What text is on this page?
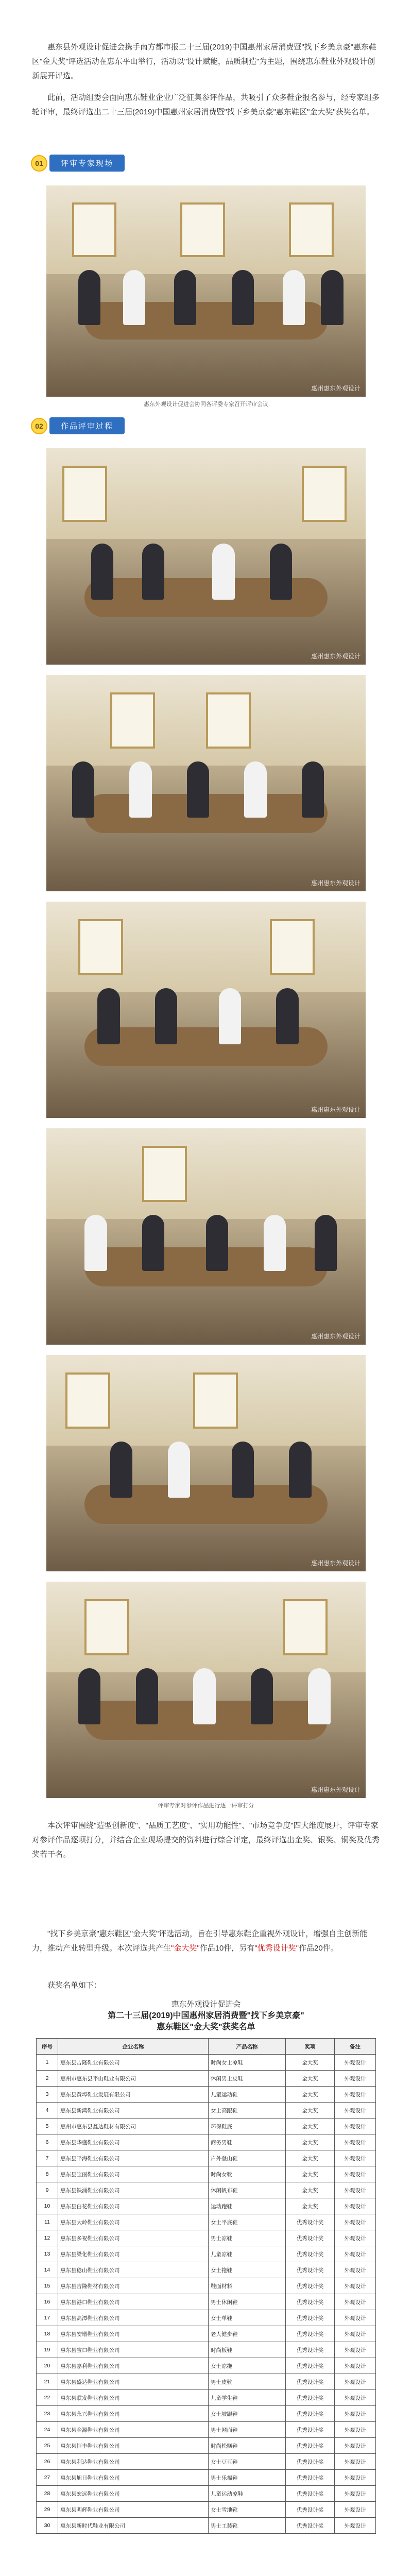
惠东县外观设计促进会携手南方都市报二十三届(2019)中国惠州家居消费暨"找下乡美京豪"惠东鞋区"金大奖"评选活动在惠东平山举行，活动以"设计赋能，品质制造"为主题，围绕惠东鞋业外观设计创新展开评选。

此前，活动组委会面向惠东鞋业企业广泛征集参评作品，共吸引了众多鞋企报名参与，经专家组多轮评审，最终评选出二十三届(2019)中国惠州家居消费暨"找下乡美京豪"惠东鞋区"金大奖"获奖名单。

01	评审专家现场
惠州惠东外观设计
惠东外观设计促进会协同各评委专家召开评审会议
02	作品评审过程
惠州惠东外观设计
惠州惠东外观设计
惠州惠东外观设计
惠州惠东外观设计
惠州惠东外观设计
惠州惠东外观设计
评审专家对参评作品进行逐一评审打分

本次评审围绕"造型创新度"、"品质工艺度"、"实用功能性"、"市场竞争度"四大维度展开，评审专家对参评作品逐项打分，并结合企业现场提交的资料进行综合评定，最终评选出金奖、银奖、铜奖及优秀奖若干名。

"找下乡美京豪"惠东鞋区"金大奖"评选活动，旨在引导惠东鞋企重视外观设计，增强自主创新能力，推动产业转型升级。本次评选共产生"金大奖"作品10件，另有"优秀设计奖"作品20件。

获奖名单如下：

惠东外观设计促进会
第二十三届(2019)中国惠州家居消费暨"找下乡美京豪"
惠东鞋区"金大奖"获奖名单
序号	企业名称	产品名称	奖项	备注
1	惠东县吉隆鞋业有限公司	时尚女士凉鞋	金大奖	外观设计
2	惠州市惠东县平山鞋业有限公司	休闲男士皮鞋	金大奖	外观设计
3	惠东县黄埠鞋业发展有限公司	儿童运动鞋	金大奖	外观设计
4	惠东县新鸿鞋业有限公司	女士高跟鞋	金大奖	外观设计
5	惠州市惠东县鑫达鞋材有限公司	环保鞋底	金大奖	外观设计
6	惠东县华盛鞋业有限公司	商务男鞋	金大奖	外观设计
7	惠东县平海鞋业有限公司	户外登山鞋	金大奖	外观设计
8	惠东县宝丽鞋业有限公司	时尚女靴	金大奖	外观设计
9	惠东县铁涌鞋业有限公司	休闲帆布鞋	金大奖	外观设计
10	惠东县白花鞋业有限公司	运动跑鞋	金大奖	外观设计
11	惠东县大岭鞋业有限公司	女士平底鞋	优秀设计奖	外观设计
12	惠东县多祝鞋业有限公司	男士凉鞋	优秀设计奖	外观设计
13	惠东县梁化鞋业有限公司	儿童凉鞋	优秀设计奖	外观设计
14	惠东县稔山鞋业有限公司	女士拖鞋	优秀设计奖	外观设计
15	惠东县吉隆鞋材有限公司	鞋面材料	优秀设计奖	外观设计
16	惠东县港口鞋业有限公司	男士休闲鞋	优秀设计奖	外观设计
17	惠东县高潭鞋业有限公司	女士单鞋	优秀设计奖	外观设计
18	惠东县安墩鞋业有限公司	老人健步鞋	优秀设计奖	外观设计
19	惠东县宝口鞋业有限公司	时尚板鞋	优秀设计奖	外观设计
20	惠东县嘉利鞋业有限公司	女士凉拖	优秀设计奖	外观设计
21	惠东县盛达鞋业有限公司	男士皮靴	优秀设计奖	外观设计
22	惠东县联发鞋业有限公司	儿童学生鞋	优秀设计奖	外观设计
23	惠东县永兴鞋业有限公司	女士坡跟鞋	优秀设计奖	外观设计
24	惠东县金源鞋业有限公司	男士网面鞋	优秀设计奖	外观设计
25	惠东县恒丰鞋业有限公司	时尚松糕鞋	优秀设计奖	外观设计
26	惠东县利达鞋业有限公司	女士豆豆鞋	优秀设计奖	外观设计
27	惠东县旭日鞋业有限公司	男士乐福鞋	优秀设计奖	外观设计
28	惠东县宏远鞋业有限公司	儿童运动凉鞋	优秀设计奖	外观设计
29	惠东县明辉鞋业有限公司	女士雪地靴	优秀设计奖	外观设计
30	惠东县新时代鞋业有限公司	男士工装靴	优秀设计奖	外观设计
